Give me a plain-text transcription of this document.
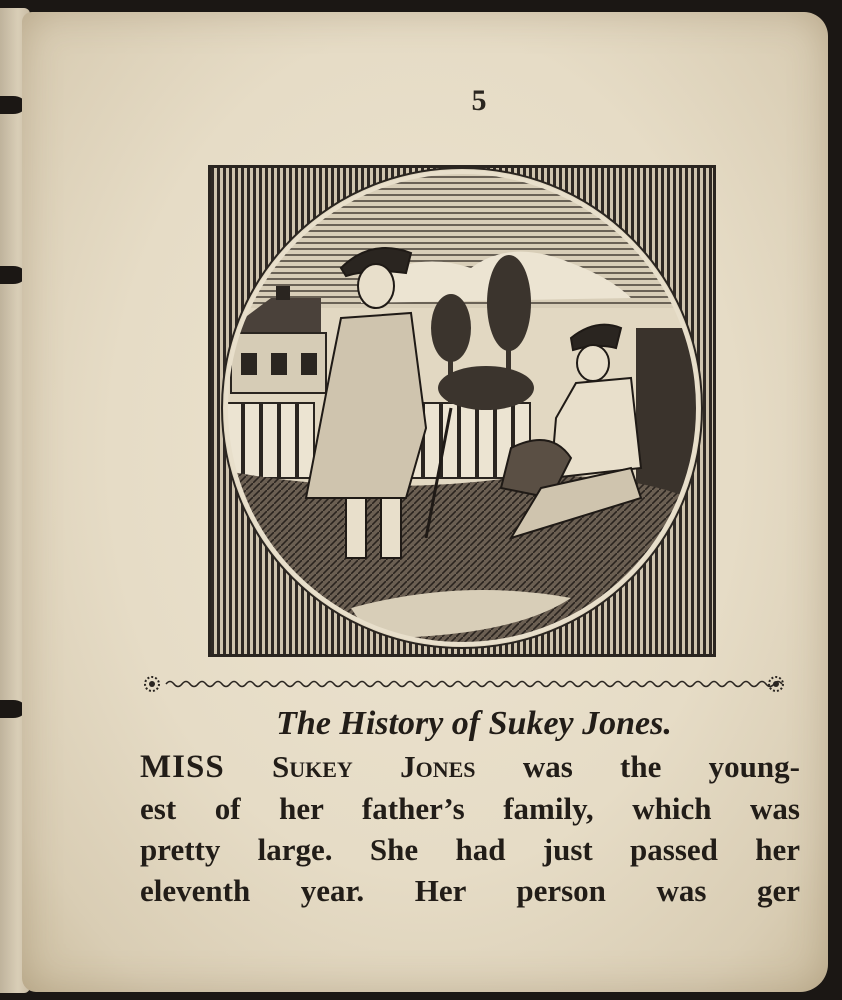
5
The History of Sukey Jones.
MISS Sukey Jones was the young-
est of her father’s family, which was
pretty large. She had just passed her
eleventh year. Her person was ger
